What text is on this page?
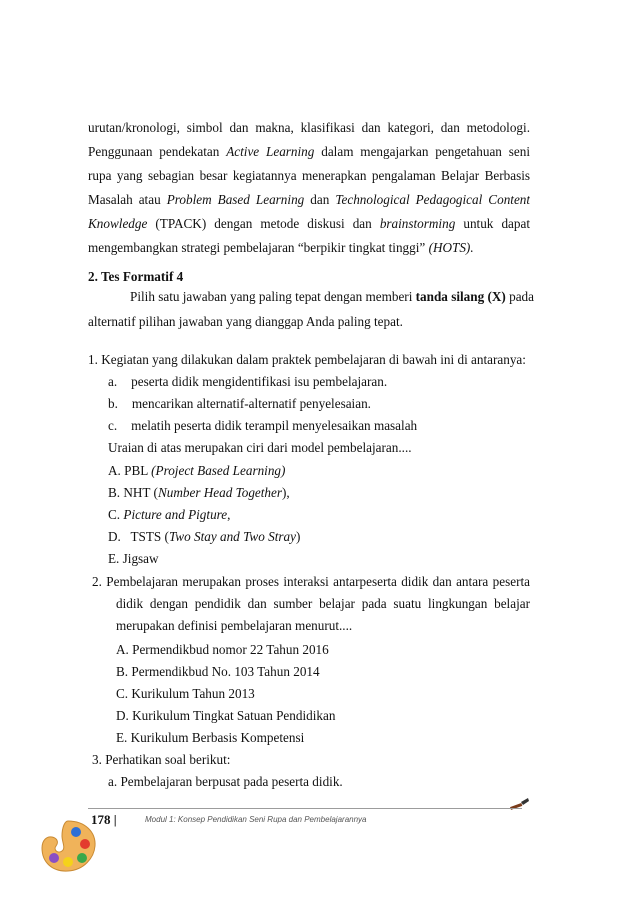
urutan/kronologi, simbol dan makna, klasifikasi dan kategori, dan metodologi.
Penggunaan pendekatan Active Learning dalam mengajarkan pengetahuan seni
rupa yang sebagian besar kegiatannya menerapkan pengalaman Belajar Berbasis
Masalah atau Problem Based Learning dan Technological Pedagogical Content
Knowledge (TPACK) dengan metode diskusi dan brainstorming untuk dapat
mengembangkan strategi pembelajaran “berpikir tingkat tinggi” (HOTS).
2. Tes Formatif 4
Pilih satu jawaban yang paling tepat dengan memberi tanda silang (X) pada
alternatif pilihan jawaban yang dianggap Anda paling tepat.
1. Kegiatan yang dilakukan dalam praktek pembelajaran di bawah ini di antaranya:
a. peserta didik mengidentifikasi isu pembelajaran.
b. mencarikan alternatif-alternatif penyelesaian.
c. melatih peserta didik terampil menyelesaikan masalah
Uraian di atas merupakan ciri dari model pembelajaran....
A. PBL (Project Based Learning)
B. NHT (Number Head Together),
C. Picture and Pigture,
D.   TSTS (Two Stay and Two Stray)
E. Jigsaw
2. Pembelajaran merupakan proses interaksi antarpeserta didik dan antara peserta
didik dengan pendidik dan sumber belajar pada suatu lingkungan belajar
merupakan definisi pembelajaran menurut....
A. Permendikbud nomor 22 Tahun 2016
B. Permendikbud No. 103 Tahun 2014
C. Kurikulum Tahun 2013
D. Kurikulum Tingkat Satuan Pendidikan
E. Kurikulum Berbasis Kompetensi
3. Perhatikan soal berikut:
a. Pembelajaran berpusat pada peserta didik.
178 |	Modul 1: Konsep Pendidikan Seni Rupa dan Pembelajarannya
